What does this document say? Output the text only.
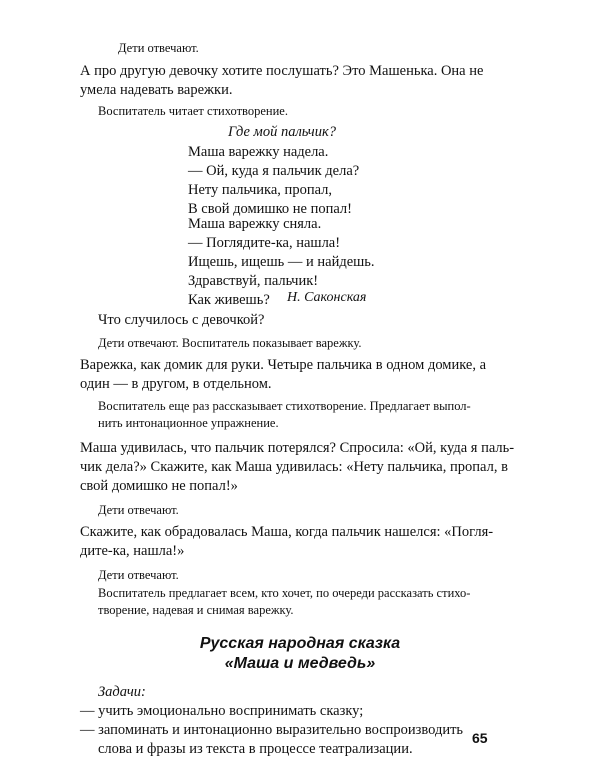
Дети отвечают.

А про другую девочку хотите послушать? Это Машенька. Она не
умела надевать варежки.

Воспитатель читает стихотворение.

Где мой пальчик?

Маша варежку надела.
— Ой, куда я пальчик дела?
Нету пальчика, пропал,
В свой домишко не попал!
Маша варежку сняла.
— Поглядите-ка, нашла!
Ищешь, ищешь — и найдешь.
Здравствуй, пальчик!
Как живешь?	Н. Саконская

Что случилось с девочкой?

Дети отвечают. Воспитатель показывает варежку.

Варежка, как домик для руки. Четыре пальчика в одном домике, а
один — в другом, в отдельном.

Воспитатель еще раз рассказывает стихотворение. Предлагает выпол-
нить интонационное упражнение.

Маша удивилась, что пальчик потерялся? Спросила: «Ой, куда я паль-
чик дела?» Скажите, как Маша удивилась: «Нету пальчика, пропал, в
свой домишко не попал!»

Дети отвечают.

Скажите, как обрадовалась Маша, когда пальчик нашелся: «Погля-
дите-ка, нашла!»

Дети отвечают.

Воспитатель предлагает всем, кто хочет, по очереди рассказать стихо-
творение, надевая и снимая варежку.

Русская народная сказка
«Маша и медведь»

Задачи:

— учить эмоционально воспринимать сказку;
— запоминать и интонационно выразительно воспроизводить
слова и фразы из текста в процессе театрализации.

65
